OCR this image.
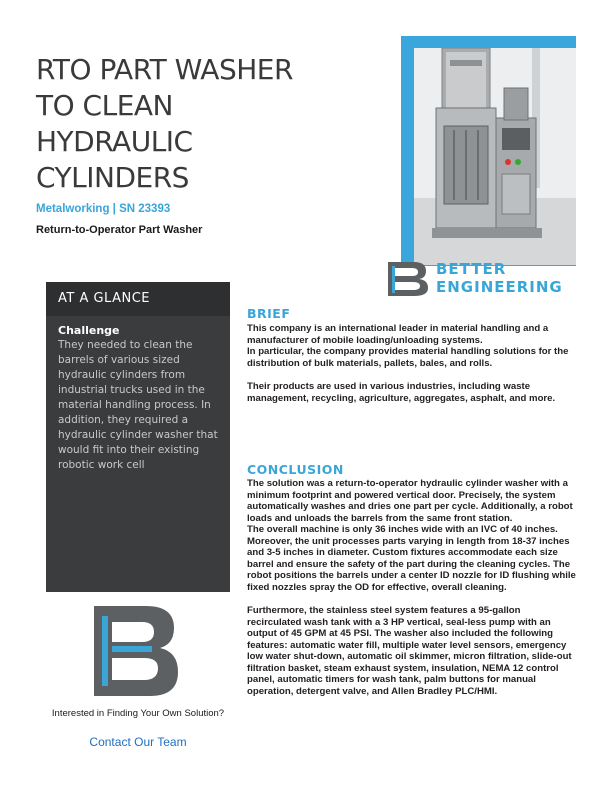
RTO PART WASHER
TO CLEAN
HYDRAULIC
CYLINDERS
Metalworking | SN 23393
Return-to-Operator Part Washer
BETTER
ENGINEERING
AT A GLANCE
Challenge

They needed to clean the barrels of various sized hydraulic cylinders from industrial trucks used in the material handling process. In addition, they required a hydraulic cylinder washer that would fit into their existing robotic work cell

Interested in Finding Your Own Solution?
Contact Our Team
BRIEF

This company is an international leader in material handling and a manufacturer of mobile loading/unloading systems.

In particular, the company provides material handling solutions for the distribution of bulk materials, pallets, bales, and rolls.

Their products are used in various industries, including waste management, recycling, agriculture, aggregates, asphalt, and more.

CONCLUSION

The solution was a return-to-operator hydraulic cylinder washer with a minimum footprint and powered vertical door. Precisely, the system automatically washes and dries one part per cycle. Additionally, a robot loads and unloads the barrels from the same front station.

The overall machine is only 36 inches wide with an IVC of 40 inches. Moreover, the unit processes parts varying in length from 18-37 inches and 3-5 inches in diameter. Custom fixtures accommodate each size barrel and ensure the safety of the part during the cleaning cycles. The robot positions the barrels under a center ID nozzle for ID flushing while fixed nozzles spray the OD for effective, overall cleaning.

Furthermore, the stainless steel system features a 95-gallon recirculated wash tank with a 3 HP vertical, seal-less pump with an output of 45 GPM at 45 PSI. The washer also included the following features: automatic water fill, multiple water level sensors, emergency low water shut-down, automatic oil skimmer, micron filtration, slide-out filtration basket, steam exhaust system, insulation, NEMA 12 control panel, automatic timers for wash tank, palm buttons for manual operation, detergent valve, and Allen Bradley PLC/HMI.
